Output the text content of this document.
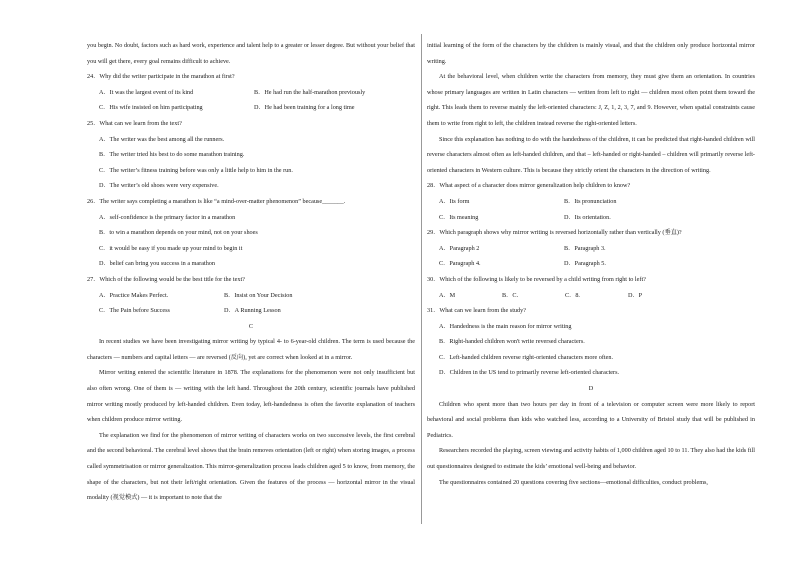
you begin. No doubt, factors such as hard work, experience and talent help to a greater or lesser degree. But without your belief that you will get there, every goal remains difficult to achieve.

24．Why did the writer participate in the marathon at first?

A．It was the largest event of its kind	B．He had run the half-marathon previously
C．His wife insisted on him participating	D．He had been training for a long time

25．What can we learn from the text?

A．The writer was the best among all the runners.

B．The writer tried his best to do some marathon training.

C．The writer’s fitness training before was only a little help to him in the run.

D．The writer’s old shoes were very expensive.

26．The writer says completing a marathon is like “a mind-over-matter phenomenon” because_______.

A．self-confidence is the primary factor in a marathon

B．to win a marathon depends on your mind, not on your shoes

C．it would be easy if you made up your mind to begin it

D．belief can bring you success in a marathon

27．Which of the following would be the best title for the text?

A．Practice Makes Perfect.	B．Insist on Your Decision
C．The Pain before Success	D．A Running Lesson

C

In recent studies we have been investigating mirror writing by typical 4- to 6-year-old children. The term is used because the characters — numbers and capital letters — are reversed (反向), yet are correct when looked at in a mirror.

Mirror writing entered the scientific literature in 1878. The explanations for the phenomenon were not only insufficient but also often wrong. One of them is — writing with the left hand. Throughout the 20th century, scientific journals have published mirror writing mostly produced by left-handed children. Even today, left-handedness is often the favorite explanation of teachers when children produce mirror writing.

The explanation we find for the phenomenon of mirror writing of characters works on two successive levels, the first cerebral and the second behavioral. The cerebral level shows that the brain removes orientation (left or right) when storing images, a process called symmetrisation or mirror generalization. This mirror-generalization process leads children aged 5 to know, from memory, the shape of the characters, but not their left/right orientation. Given the features of the process — horizontal mirror in the visual modality (视觉模式) — it is important to note that the

initial learning of the form of the characters by the children is mainly visual, and that the children only produce horizontal mirror writing.

At the behavioral level, when children write the characters from memory, they must give them an orientation. In countries whose primary languages are written in Latin characters — written from left to right — children most often point them toward the right. This leads them to reverse mainly the left-oriented characters: J, Z, 1, 2, 3, 7, and 9. However, when spatial constraints cause them to write from right to left, the children instead reverse the right-oriented letters.

Since this explanation has nothing to do with the handedness of the children, it can be predicted that right-handed children will reverse characters almost often as left-handed children, and that – left-handed or right-handed – children will primarily reverse left-oriented characters in Western culture. This is because they strictly orient the characters in the direction of writing.

28．What aspect of a character does mirror generalization help children to know?

A．Its form	B．Its pronunciation
C．Its meaning	D．Its orientation.

29．Which paragraph shows why mirror writing is reversed horizontally rather than vertically (垂直)?

A．Paragraph 2	B．Paragraph 3.
C．Paragraph 4.	D．Paragraph 5.

30．Which of the following is likely to be reversed by a child writing from right to left?

A．M	B．C．	C．8.	D．P

31．What can we learn from the study?

A．Handedness is the main reason for mirror writing

B．Right-handed children won't write reversed characters.

C．Left-handed children reverse right-oriented characters more often.

D．Children in the US tend to primarily reverse left-oriented characters.

D

Children who spent more than two hours per day in front of a television or computer screen were more likely to report behavioral and social problems than kids who watched less, according to a University of Bristol study that will be published in Pediatrics.

Researchers recorded the playing, screen viewing and activity habits of 1,000 children aged 10 to 11. They also had the kids fill out questionnaires designed to estimate the kids’ emotional well-being and behavior.

The questionnaires contained 20 questions covering five sections—emotional difficulties, conduct problems,
